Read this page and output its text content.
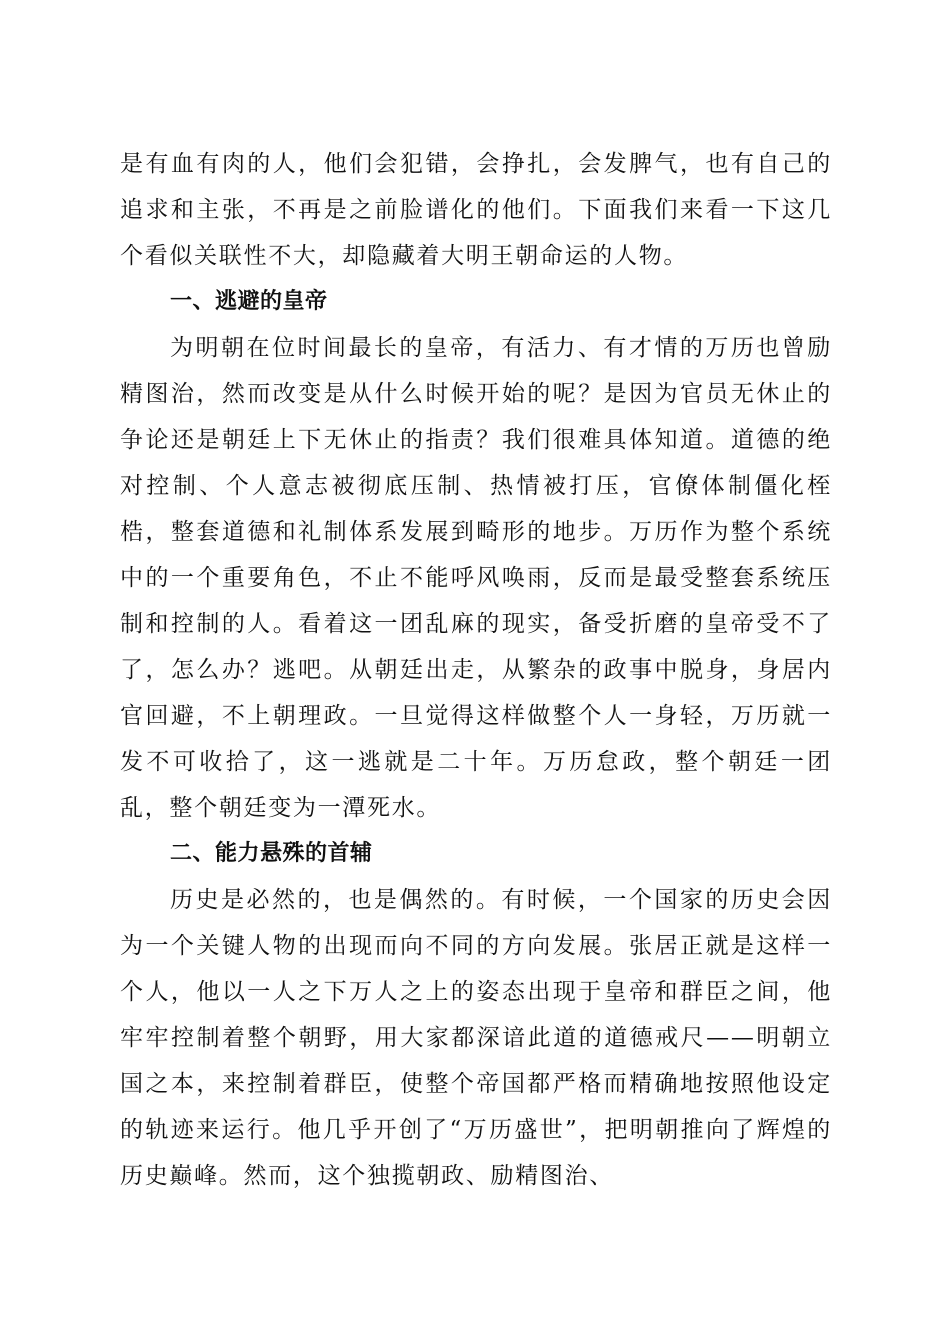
是有血有肉的人，他们会犯错，会挣扎，会发脾气，也有自己的追求和主张，不再是之前脸谱化的他们。下面我们来看一下这几个看似关联性不大，却隐藏着大明王朝命运的人物。

一、逃避的皇帝

为明朝在位时间最长的皇帝，有活力、有才情的万历也曾励精图治，然而改变是从什么时候开始的呢？是因为官员无休止的争论还是朝廷上下无休止的指责？我们很难具体知道。道德的绝对控制、个人意志被彻底压制、热情被打压，官僚体制僵化桎梏，整套道德和礼制体系发展到畸形的地步。万历作为整个系统中的一个重要角色，不止不能呼风唤雨，反而是最受整套系统压制和控制的人。看着这一团乱麻的现实，备受折磨的皇帝受不了了，怎么办？逃吧。从朝廷出走，从繁杂的政事中脱身，身居内官回避，不上朝理政。一旦觉得这样做整个人一身轻，万历就一发不可收拾了，这一逃就是二十年。万历怠政，整个朝廷一团乱，整个朝廷变为一潭死水。

二、能力悬殊的首辅

历史是必然的，也是偶然的。有时候，一个国家的历史会因为一个关键人物的出现而向不同的方向发展。张居正就是这样一个人，他以一人之下万人之上的姿态出现于皇帝和群臣之间，他牢牢控制着整个朝野，用大家都深谙此道的道德戒尺——明朝立国之本，来控制着群臣，使整个帝国都严格而精确地按照他设定的轨迹来运行。他几乎开创了“万历盛世”，把明朝推向了辉煌的历史巅峰。然而，这个独揽朝政、励精图治、
